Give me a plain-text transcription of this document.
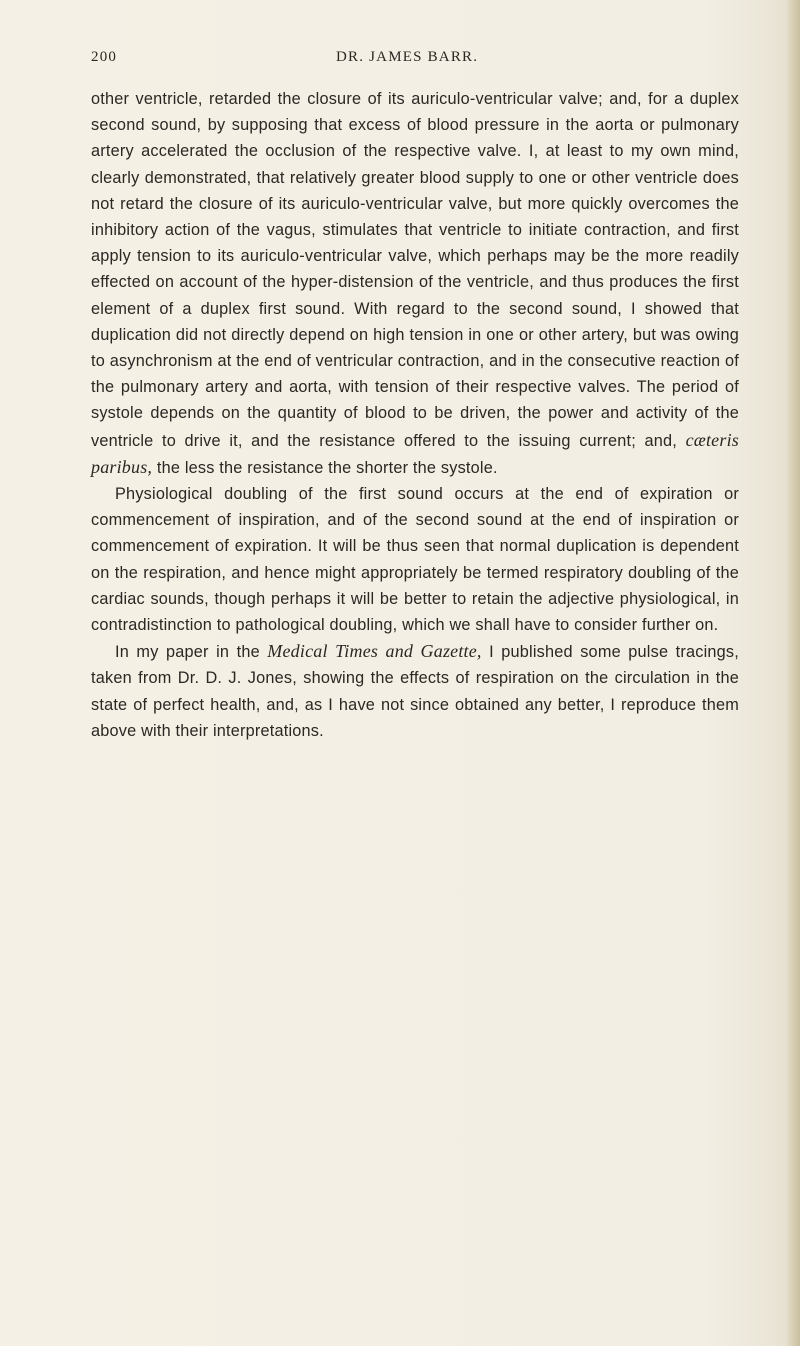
200	DR. JAMES BARR.

other ventricle, retarded the closure of its auriculo-ventricular valve; and, for a duplex second sound, by supposing that excess of blood pressure in the aorta or pulmonary artery accelerated the occlusion of the respective valve. I, at least to my own mind, clearly demonstrated, that relatively greater blood supply to one or other ventricle does not retard the closure of its auriculo-ventricular valve, but more quickly overcomes the inhibitory action of the vagus, stimulates that ventricle to initiate contraction, and first apply tension to its auriculo-ventricular valve, which perhaps may be the more readily effected on account of the hyper-distension of the ventricle, and thus produces the first element of a duplex first sound. With regard to the second sound, I showed that duplication did not directly depend on high tension in one or other artery, but was owing to asynchronism at the end of ventricular contraction, and in the consecutive reaction of the pulmonary artery and aorta, with tension of their respective valves. The period of systole depends on the quantity of blood to be driven, the power and activity of the ventricle to drive it, and the resistance offered to the issuing current; and, cæteris paribus, the less the resistance the shorter the systole.

Physiological doubling of the first sound occurs at the end of expiration or commencement of inspiration, and of the second sound at the end of inspiration or commencement of expiration. It will be thus seen that normal duplication is dependent on the respiration, and hence might appropriately be termed respiratory doubling of the cardiac sounds, though perhaps it will be better to retain the adjective physiological, in contradistinction to pathological doubling, which we shall have to consider further on.

In my paper in the Medical Times and Gazette, I published some pulse tracings, taken from Dr. D. J. Jones, showing the effects of respiration on the circulation in the state of perfect health, and, as I have not since obtained any better, I reproduce them above with their interpretations.
